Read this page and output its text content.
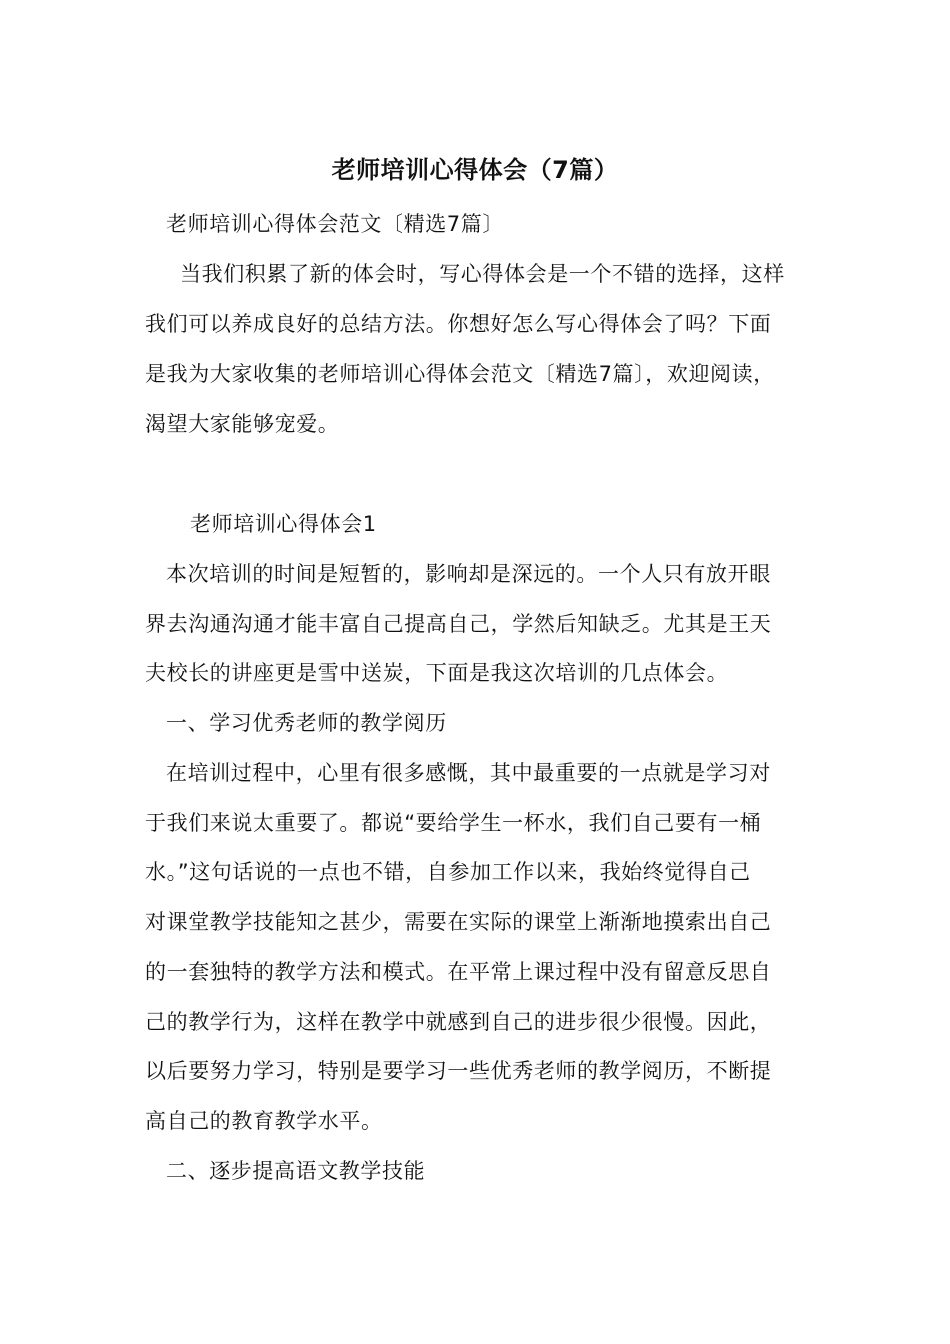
老师培训心得体会（7篇）
老师培训心得体会范文〔精选7篇〕
当我们积累了新的体会时，写心得体会是一个不错的选择，这样
我们可以养成良好的总结方法。你想好怎么写心得体会了吗？下面
是我为大家收集的老师培训心得体会范文〔精选7篇〕，欢迎阅读，
渴望大家能够宠爱。
老师培训心得体会1
本次培训的时间是短暂的，影响却是深远的。一个人只有放开眼
界去沟通沟通才能丰富自己提高自己，学然后知缺乏。尤其是王天
夫校长的讲座更是雪中送炭，下面是我这次培训的几点体会。
一、学习优秀老师的教学阅历
在培训过程中，心里有很多感慨，其中最重要的一点就是学习对
于我们来说太重要了。都说“要给学生一杯水，我们自己要有一桶
水。”这句话说的一点也不错，自参加工作以来，我始终觉得自己
对课堂教学技能知之甚少，需要在实际的课堂上渐渐地摸索出自己
的一套独特的教学方法和模式。在平常上课过程中没有留意反思自
己的教学行为，这样在教学中就感到自己的进步很少很慢。因此，
以后要努力学习，特别是要学习一些优秀老师的教学阅历，不断提
高自己的教育教学水平。
二、逐步提高语文教学技能
